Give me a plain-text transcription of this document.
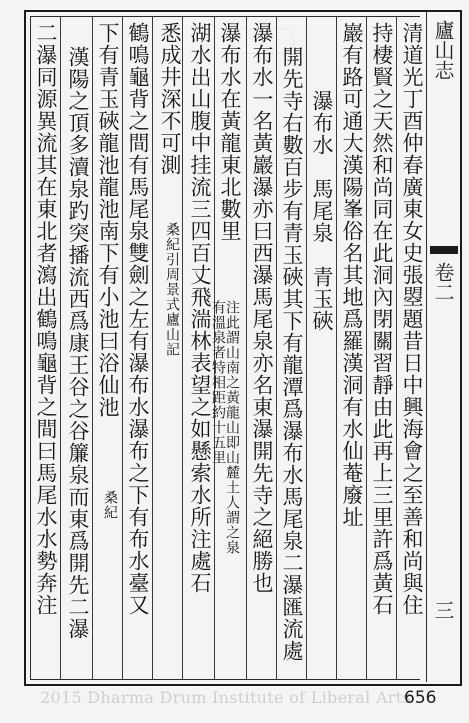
清道光丁酉仲春廣東女史張曌題昔日中興海會之至善和尚與住
持棲賢之天然和尚同在此洞內閉關習靜由此再上三里許爲黃石
巖有路可通大漢陽峯俗名其地爲羅漢洞有水仙菴廢址
瀑布水　馬尾泉　青玉硤
開先寺右數百步有青玉硤其下有龍潭爲瀑布水馬尾泉二瀑匯流處
瀑布水一名黃巖瀑亦曰西瀑馬尾泉亦名東瀑開先寺之絕勝也
瀑布水在黃龍東北數里
注此謂山南之黃龍山即山麓土人謂之泉
有溫泉者特相距約十五里
湖水出山腹中挂流三四百丈飛湍林表望之如懸索水所注處石
悉成井深不可測
桑紀引周景式廬山記
鶴鳴龜背之間有馬尾泉雙劍之左有瀑布水瀑布之下有布水臺又
下有青玉硤龍池龍池南下有小池曰浴仙池
桑紀
漢陽之頂多瀆泉趵突播流西爲康王谷之谷簾泉而東爲開先二瀑
二瀑同源異流其在東北者瀉出鶴鳴龜背之間曰馬尾水水勢奔注	廬山志
卷二
三
2015 Dharma Drum Institute of Liberal Arts
656
